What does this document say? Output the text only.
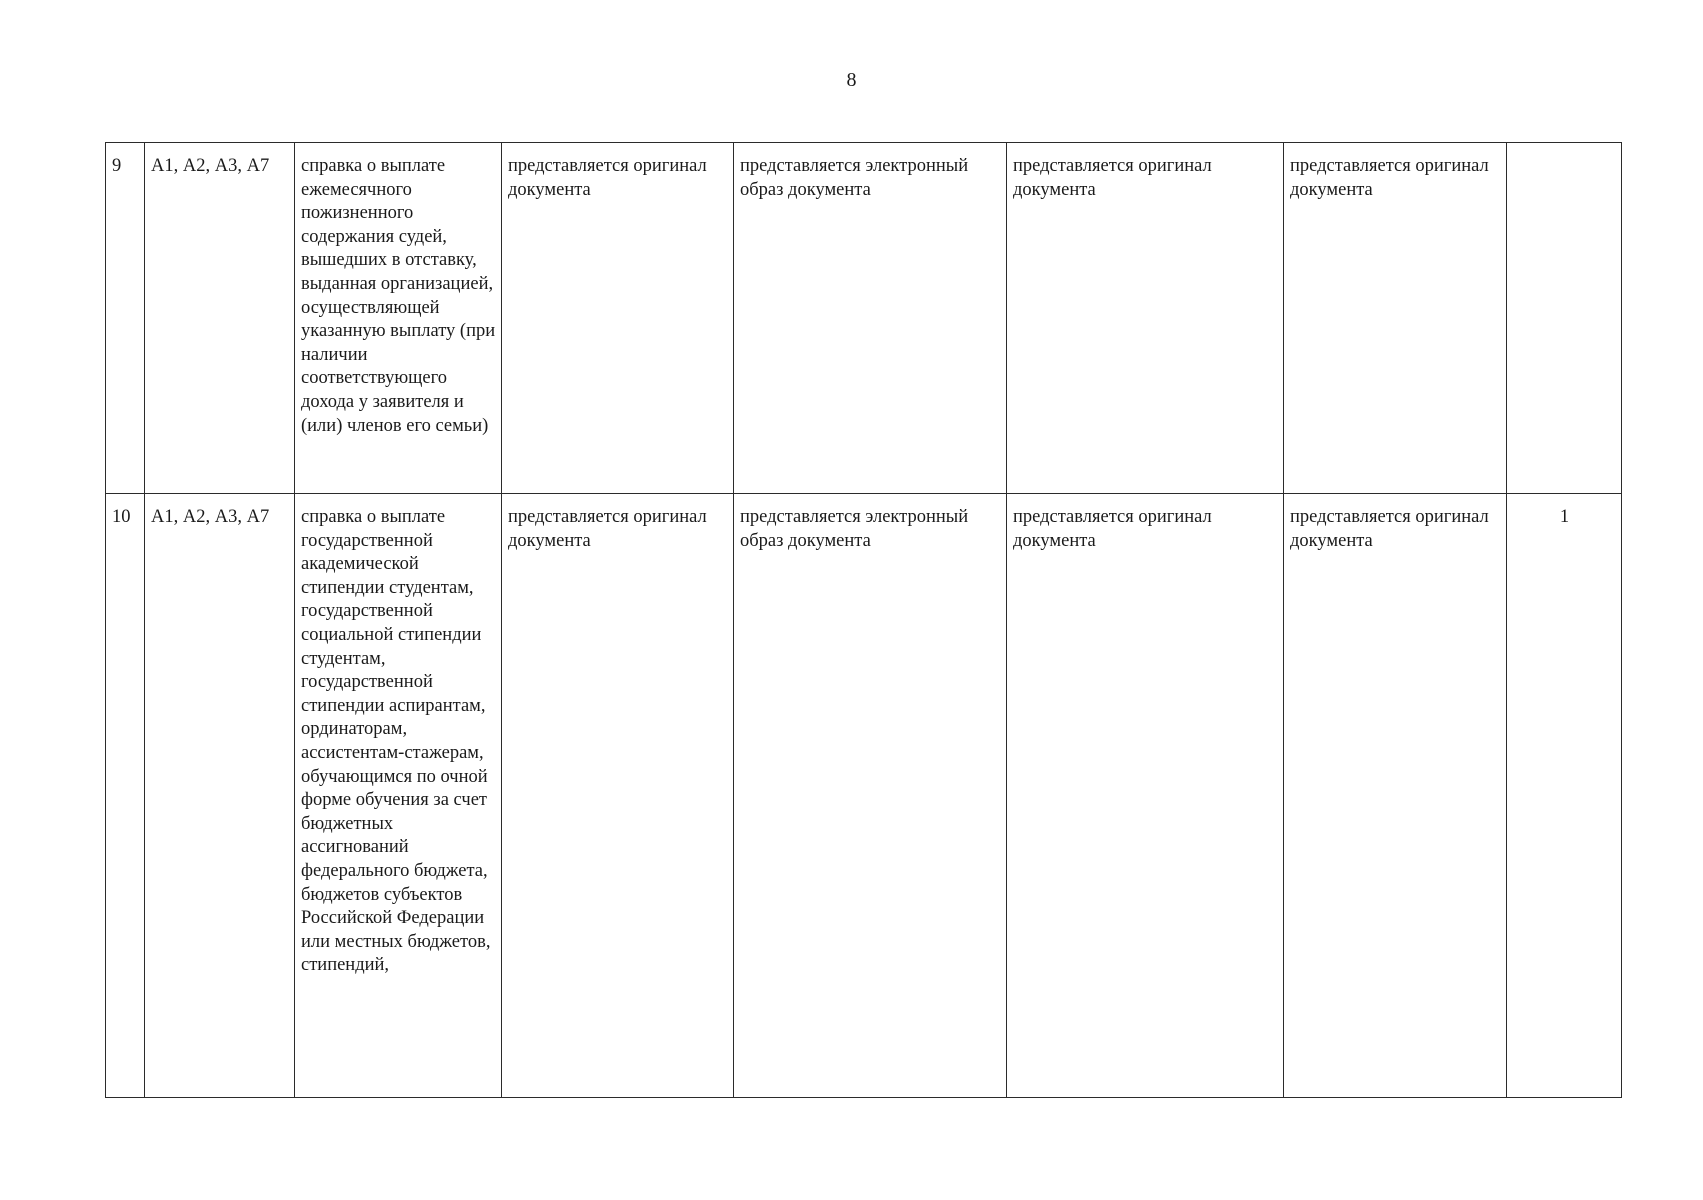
8
9	А1, А2, А3, А7	справка о выплате ежемесячного пожизненного содержания судей, вышедших в отставку, выданная организацией, осуществляющей указанную выплату (при наличии соответствующего дохода у заявителя и (или) членов его семьи)	представляется оригинал документа	представляется электронный образ документа	представляется оригинал документа	представляется оригинал документа	

10	А1, А2, А3, А7	справка о выплате государственной академической стипендии студентам, государственной социальной стипендии студентам, государственной стипендии аспирантам, ординаторам, ассистентам-стажерам, обучающимся по очной форме обучения за счет бюджетных ассигнований федерального бюджета, бюджетов субъектов Российской Федерации или местных бюджетов, стипендий,	представляется оригинал документа	представляется электронный образ документа	представляется оригинал документа	представляется оригинал документа	1
